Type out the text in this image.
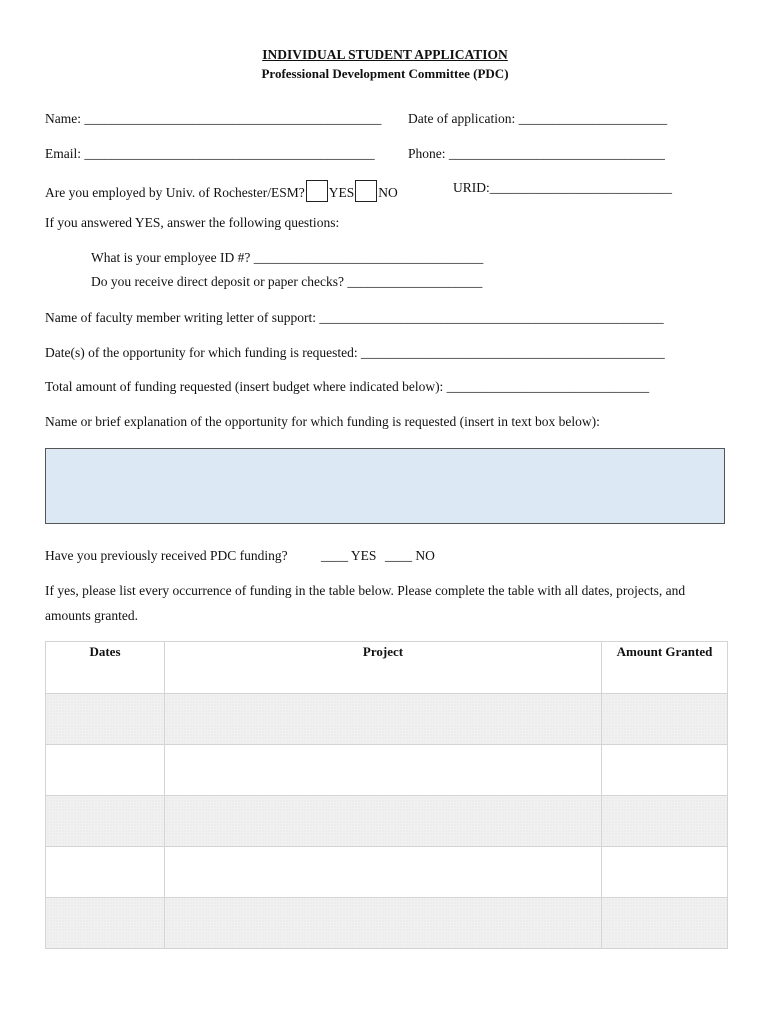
INDIVIDUAL STUDENT APPLICATION
Professional Development Committee (PDC)
Name: ____________________________________________ Date of application: ______________________
Email: ___________________________________________ Phone: ________________________________
Are you employed by Univ. of Rochester/ESM? YES NO	URID:___________________________
If you answered YES, answer the following questions:
What is your employee ID #? __________________________________
Do you receive direct deposit or paper checks? ____________________
Name of faculty member writing letter of support: ___________________________________________________
Date(s) of the opportunity for which funding is requested: _____________________________________________
Total amount of funding requested (insert budget where indicated below): ______________________________
Name or brief explanation of the opportunity for which funding is requested (insert in text box below):
Have you previously received PDC funding? ____ YES ____ NO
If yes, please list every occurrence of funding in the table below. Please complete the table with all dates, projects, and
amounts granted.
Dates	Project	Amount Granted
